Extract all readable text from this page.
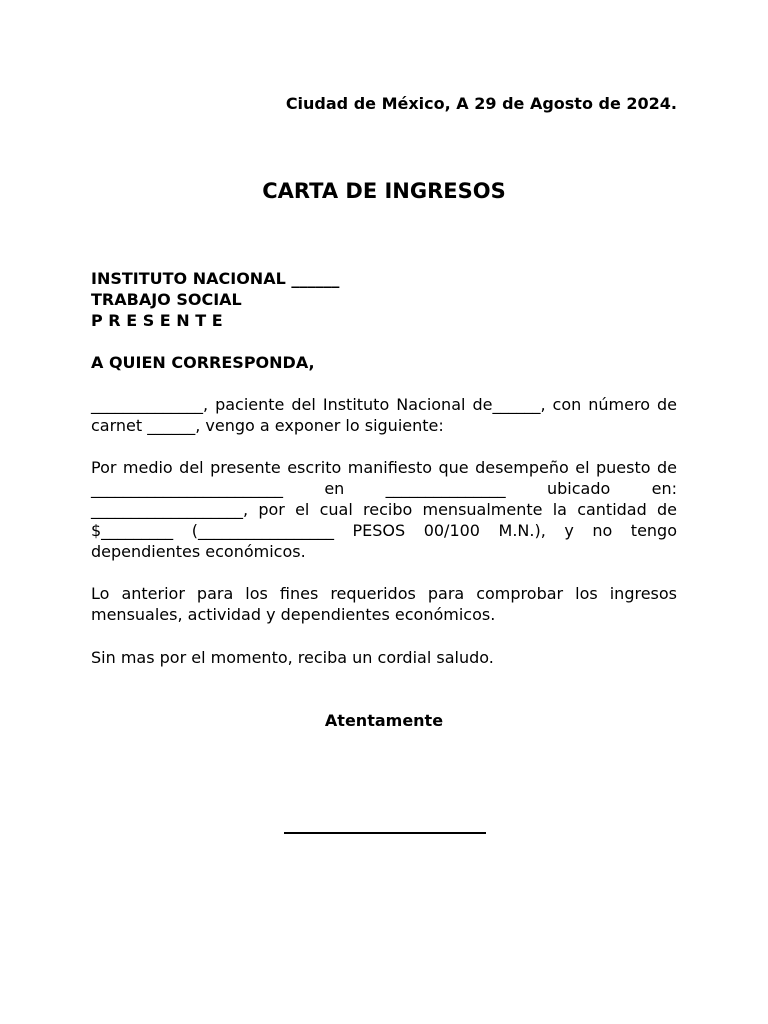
Ciudad de México, A 29 de Agosto de 2024.
CARTA DE INGRESOS
INSTITUTO NACIONAL ______
TRABAJO SOCIAL
P R E S E N T E
A QUIEN CORRESPONDA,
______________, paciente del Instituto Nacional de______, con número de carnet ______, vengo a exponer lo siguiente:
Por medio del presente escrito manifiesto que desempeño el puesto de ________________________ en _______________ ubicado en: ___________________, por el cual recibo mensualmente la cantidad de $_________ (_________________ PESOS 00/100 M.N.), y no tengo dependientes económicos.
Lo anterior para los fines requeridos para comprobar los ingresos mensuales, actividad y dependientes económicos.
Sin mas por el momento, reciba un cordial saludo.
Atentamente
